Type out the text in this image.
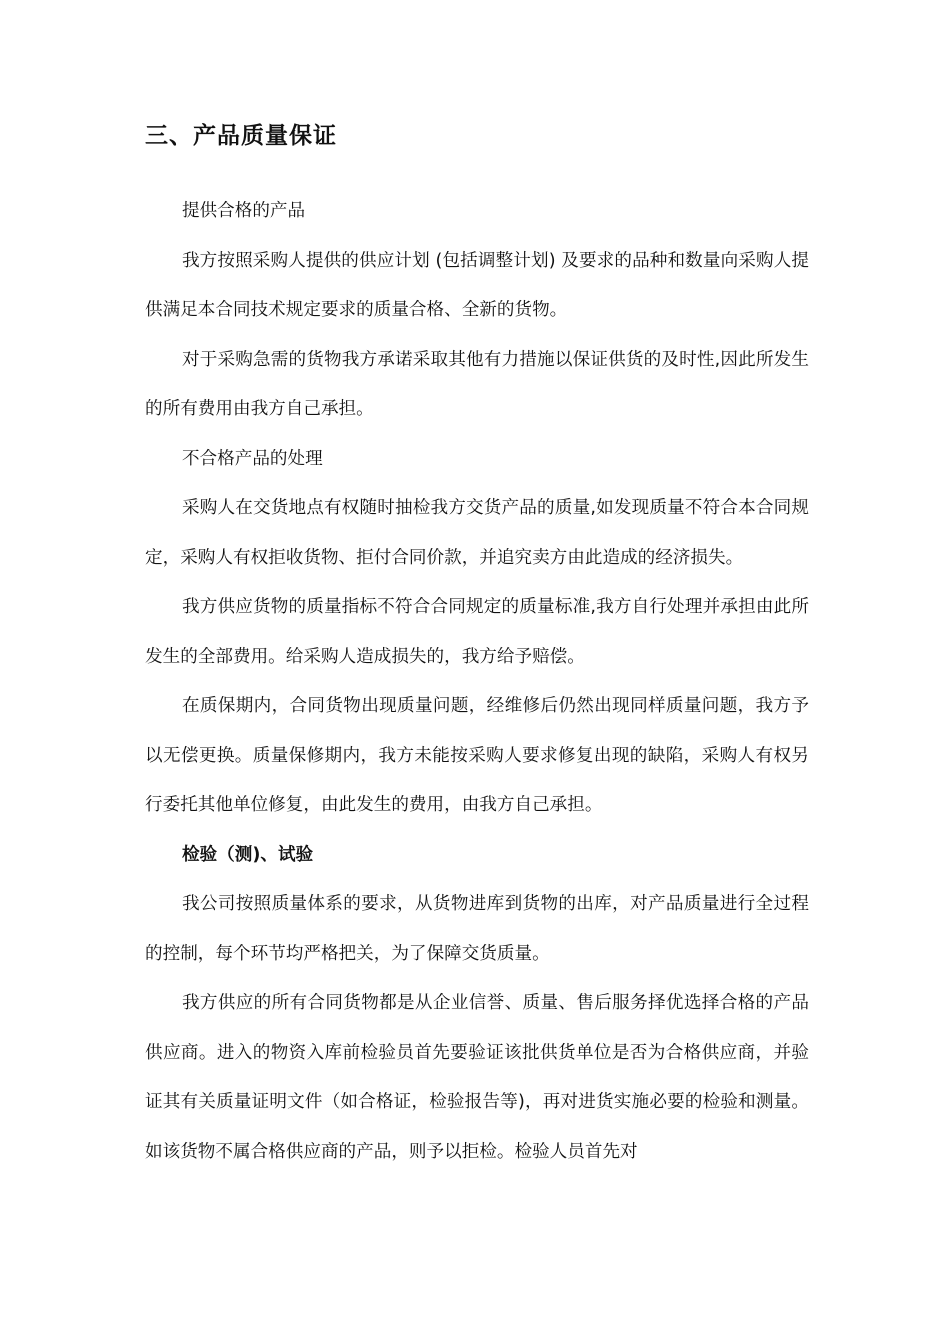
三、产品质量保证

提供合格的产品

我方按照采购人提供的供应计划 (包括调整计划) 及要求的品种和数量向采购人提供满足本合同技术规定要求的质量合格、全新的货物。

对于采购急需的货物我方承诺采取其他有力措施以保证供货的及时性,因此所发生的所有费用由我方自己承担。

不合格产品的处理

采购人在交货地点有权随时抽检我方交货产品的质量,如发现质量不符合本合同规定，采购人有权拒收货物、拒付合同价款，并追究卖方由此造成的经济损失。

我方供应货物的质量指标不符合合同规定的质量标准,我方自行处理并承担由此所发生的全部费用。给采购人造成损失的，我方给予赔偿。

在质保期内，合同货物出现质量问题，经维修后仍然出现同样质量问题，我方予以无偿更换。质量保修期内，我方未能按采购人要求修复出现的缺陷，采购人有权另行委托其他单位修复，由此发生的费用，由我方自己承担。

检验（测)、试验

我公司按照质量体系的要求，从货物进库到货物的出库，对产品质量进行全过程的控制，每个环节均严格把关，为了保障交货质量。

我方供应的所有合同货物都是从企业信誉、质量、售后服务择优选择合格的产品供应商。进入的物资入库前检验员首先要验证该批供货单位是否为合格供应商，并验证其有关质量证明文件（如合格证，检验报告等)，再对进货实施必要的检验和测量。如该货物不属合格供应商的产品，则予以拒检。检验人员首先对
